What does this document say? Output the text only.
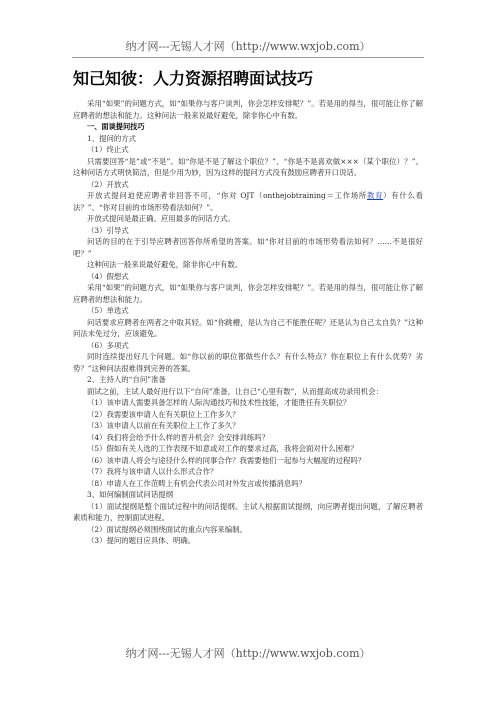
纳才网---无锡人才网（http://www.wxjob.com）
知己知彼：人力资源招聘面试技巧

采用“如果”的问题方式，如“如果你与客户谈判，你会怎样安排呢？”。若是用的得当，很可能让你了解应聘者的想法和能力。这种问法一般来说最好避免，除非你心中有数。

一、面谈提问技巧

1、提问的方式

（1）终止式

只需要回答“是”或“不是”。如“你是不是了解这个职位？”、“你是不是喜欢做×××（某个职位）？”。这种问话方式明快简洁，但是少用为妙，因为这样的提问方式没有鼓励应聘者开口说话。

（2）开放式

开放式提问迫使应聘者非回答不可，“你对 OJT（onthejobtraining＝工作场所教育）有什么看法？”、“你对目前的市场形势看法如何？”。

开放式提问是最正确、应用最多的问话方式。

（3）引导式

问话的目的在于引导应聘者回答你所希望的答案。如“你对目前的市场形势看法如何？……不是很好吧？”

这种问法一般来说最好避免，除非你心中有数。

（4）假想式

采用“如果”的问题方式，如“如果你与客户谈判，你会怎样安排呢？”。若是用的得当，很可能让你了解应聘者的想法和能力。

（5）单选式

问话要求应聘者在两者之中取其轻。如“你跳槽，是认为自己不能胜任呢？还是认为自己太自负？”这种问法未免过分，应该避免。

（6）多项式

同时连续提出好几个问题。如“你以前的职位都做些什么？有什么特点？你在职位上有什么优势？劣势？”这种问法很难得到完善的答案。

2、主持人的“自问”准备

面试之前，主试人最好进行以下“自问”准备，让自己“心里有数”，从而提高成功录用机会：

（1）该申请人需要具备怎样的人际沟通技巧和技术性技能，才能胜任有关职位？

（2）我需要该申请人在有关职位上工作多久？

（3）该申请人以前在有关职位上工作了多久？

（4）我们将会给予什么样的晋升机会？会安排训练吗？

（5）假如有关人选的工作表现不如意或对工作的要求过高，我将会面对什么困难？

（6）该申请人将会与途径什么样的同事合作？我需要他们一起参与大幅度的过程吗？

（7）我将与该申请人以什么形式合作？

（8）申请人在工作范畴上有机会代表公司对外发言或传播消息吗？

3、如何编制面试问话提纲

（1）面试提纲是整个面试过程中的问话提纲。主试人根据面试提纲，向应聘者提出问题，了解应聘者素质和能力，控制面试进程。

（2）面试提纲必须围绕面试的重点内容来编制。

（3）提问的题目应具体、明确。

纳才网---无锡人才网（http://www.wxjob.com）
